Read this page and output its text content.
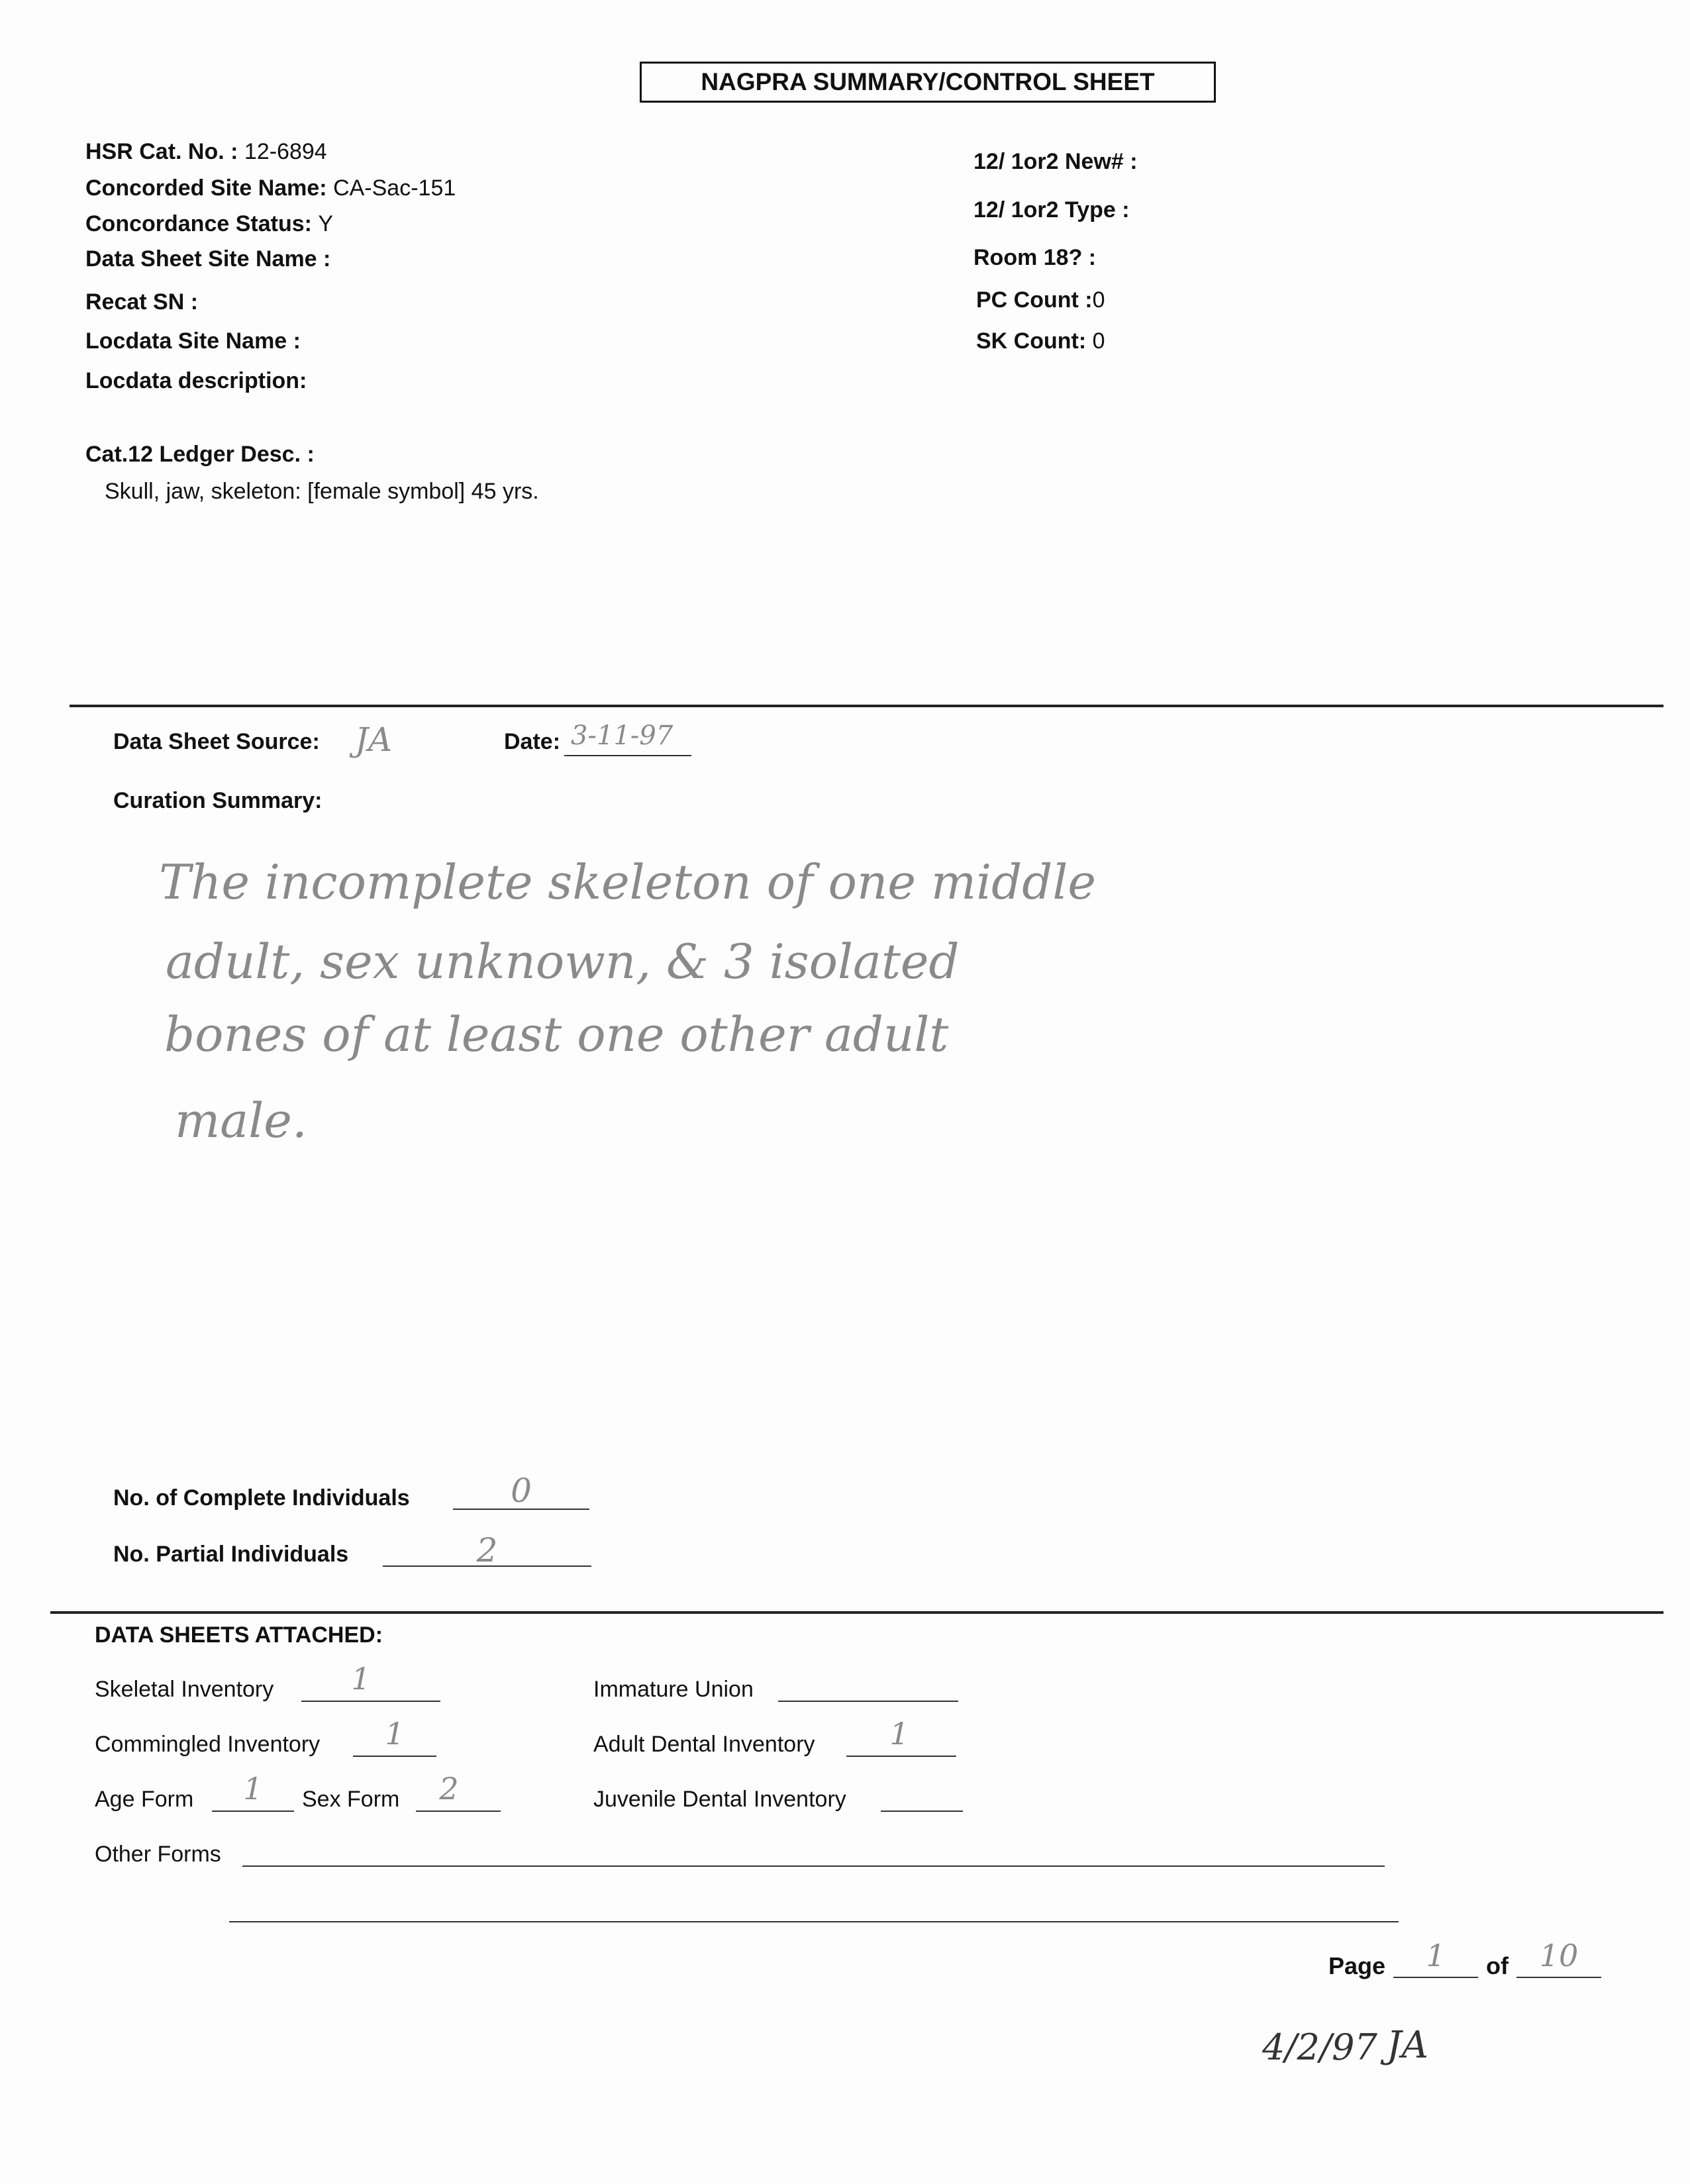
NAGPRA SUMMARY/CONTROL SHEET
HSR Cat. No. : 12-6894
Concorded Site Name: CA-Sac-151
Concordance Status: Y
Data Sheet Site Name :
Recat SN :
Locdata Site Name :
Locdata description:
12/ 1or2 New# :
12/ 1or2 Type :
Room 18? :
PC Count :0
SK Count: 0
Cat.12 Ledger Desc. :
Skull, jaw, skeleton: [female symbol] 45 yrs.
Data Sheet Source: JA	Date: 3-11-97
Curation Summary:
The incomplete skeleton of one middle
adult, sex unknown, & 3 isolated
bones of at least one other adult
male.
No. of Complete Individuals	0
No. Partial Individuals	2
DATA SHEETS ATTACHED:
Skeletal Inventory	1
Commingled Inventory	1
Age Form	1	Sex Form	2
Immature Union
Adult Dental Inventory	1
Juvenile Dental Inventory
Other Forms
Page	1	of	10
4/2/97 JA
